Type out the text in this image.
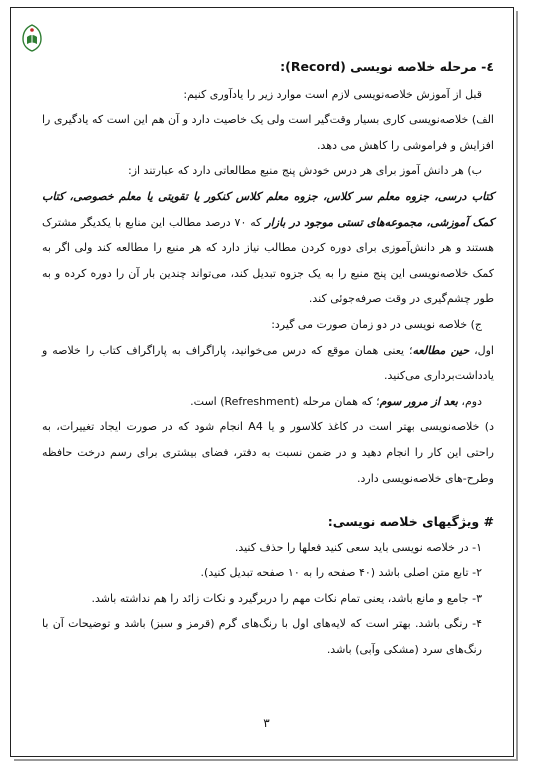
٤- مرحله خلاصه نویسی (Record):

قبل از آموزش خلاصه‌نویسی لازم است موارد زیر را یادآوری کنیم:

الف) خلاصه‌نویسی کاری بسیار وقت‌گیر است ولی یک خاصیت دارد و آن هم این است که یادگیری را افزایش و فراموشی را کاهش می دهد.

ب) هر دانش آموز برای هر درس خودش پنج منبع مطالعاتی دارد که عبارتند از:

کتاب درسی، جزوه معلم سر کلاس، جزوه معلم کلاس کنکور یا تقویتی یا معلم خصوصی، کتاب کمک آموزشی، مجموعه‌های تستی موجود در بازار که ۷۰ درصد مطالب این منابع با یکدیگر مشترک هستند و هر دانش‌آموزی برای دوره کردن مطالب نیاز دارد که هر منبع را مطالعه کند ولی اگر به کمک خلاصه‌نویسی این پنج منبع را به یک جزوه تبدیل کند، می‌تواند چندین بار آن را دوره کرده و به طور چشم‌گیری در وقت صرفه‌جوئی کند.

ج) خلاصه نویسی در دو زمان صورت می گیرد:

اول، حین مطالعه؛ یعنی همان موقع که درس می‌خوانید، پاراگراف به پاراگراف کتاب را خلاصه و یادداشت‌برداری می‌کنید.

دوم، بعد از مرور سوم؛ که همان مرحله (Refreshment) است.

د) خلاصه‌نویسی بهتر است در کاغذ کلاسور و یا A4 انجام شود که در صورت ایجاد تغییرات، به راحتی این کار را انجام دهید و در ضمن نسبت به دفتر، فضای بیشتری برای رسم درخت حافظه وطرح-های خلاصه‌نویسی دارد.

# ویژگیهای خلاصه نویسی:

۱- در خلاصه نویسی باید سعی کنید فعلها را حذف کنید.

۲- تابع متن اصلی باشد (۴۰ صفحه را به ۱۰ صفحه تبدیل کنید).

۳- جامع و مانع باشد، یعنی تمام نکات مهم را دربرگیرد و نکات زائد را هم نداشته باشد.

۴- رنگی باشد. بهتر است که لایه‌های اول با رنگ‌های گرم (قرمز و سبز) باشد و توضیحات آن با رنگ‌های سرد (مشکی وآبی) باشد.

۳
